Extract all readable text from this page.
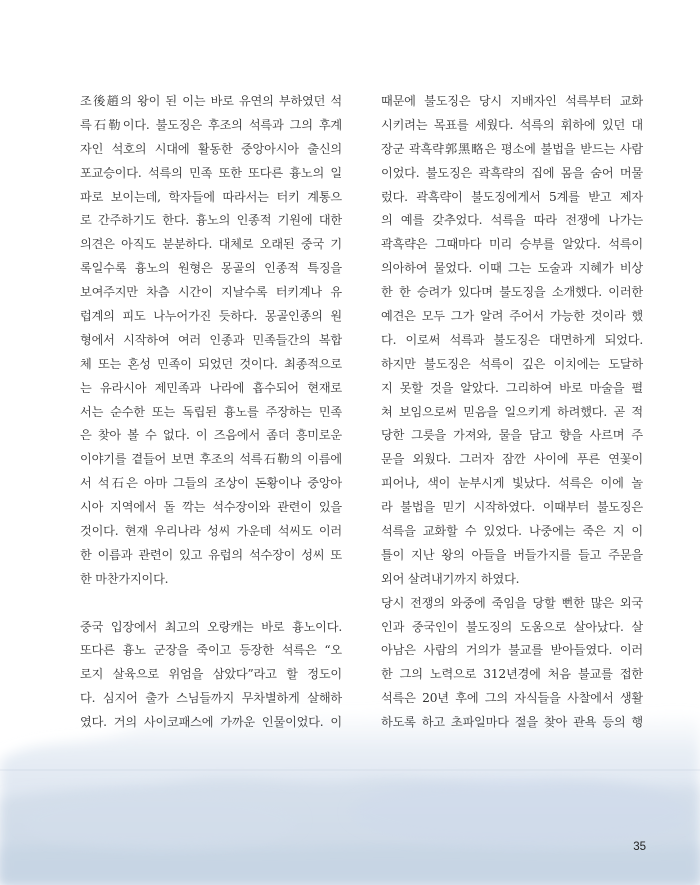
조後趙의 왕이 된 이는 바로 유연의 부하였던 석
륵石勒이다. 불도징은 후조의 석륵과 그의 후계
자인 석호의 시대에 활동한 중앙아시아 출신의
포교승이다. 석륵의 민족 또한 또다른 흉노의 일
파로 보이는데, 학자들에 따라서는 터키 계통으
로 간주하기도 한다. 흉노의 인종적 기원에 대한
의견은 아직도 분분하다. 대체로 오래된 중국 기
록일수록 흉노의 원형은 몽골의 인종적 특징을
보여주지만 차츰 시간이 지날수록 터키계나 유
럽계의 피도 나누어가진 듯하다. 몽골인종의 원
형에서 시작하여 여러 인종과 민족들간의 복합
체 또는 혼성 민족이 되었던 것이다. 최종적으로
는 유라시아 제민족과 나라에 흡수되어 현재로
서는 순수한 또는 독립된 흉노를 주장하는 민족
은 찾아 볼 수 없다. 이 즈음에서 좀더 흥미로운
이야기를 곁들어 보면 후조의 석륵石勒의 이름에
서 석石은 아마 그들의 조상이 돈황이나 중앙아
시아 지역에서 돌 깍는 석수장이와 관련이 있을
것이다. 현재 우리나라 성씨 가운데 석씨도 이러
한 이름과 관련이 있고 유럽의 석수장이 성씨 또
한 마찬가지이다.
중국 입장에서 최고의 오랑캐는 바로 흉노이다.
또다른 흉노 군장을 죽이고 등장한 석륵은 “오
로지 살육으로 위엄을 삼았다”라고 할 정도이
다. 심지어 출가 스님들까지 무차별하게 살해하
였다. 거의 사이코패스에 가까운 인물이었다. 이
때문에 불도징은 당시 지배자인 석륵부터 교화
시키려는 목표를 세웠다. 석륵의 휘하에 있던 대
장군 곽흑략郭黑略은 평소에 불법을 받드는 사람
이었다. 불도징은 곽흑략의 집에 몸을 숨어 머물
렀다. 곽흑략이 불도징에게서 5계를 받고 제자
의 예를 갖추었다. 석륵을 따라 전쟁에 나가는
곽흑략은 그때마다 미리 승부를 알았다. 석륵이
의아하여 물었다. 이때 그는 도술과 지혜가 비상
한 한 승려가 있다며 불도징을 소개했다. 이러한
예견은 모두 그가 알려 주어서 가능한 것이라 했
다. 이로써 석륵과 불도징은 대면하게 되었다.
하지만 불도징은 석륵이 깊은 이치에는 도달하
지 못할 것을 알았다. 그리하여 바로 마술을 펼
쳐 보임으로써 믿음을 일으키게 하려했다. 곧 적
당한 그릇을 가져와, 물을 담고 향을 사르며 주
문을 외웠다. 그러자 잠깐 사이에 푸른 연꽃이
피어나, 색이 눈부시게 빛났다. 석륵은 이에 놀
라 불법을 믿기 시작하였다. 이때부터 불도징은
석륵을 교화할 수 있었다. 나중에는 죽은 지 이
틀이 지난 왕의 아들을 버들가지를 들고 주문을
외어 살려내기까지 하였다.
당시 전쟁의 와중에 죽임을 당할 뻔한 많은 외국
인과 중국인이 불도징의 도움으로 살아났다. 살
아남은 사람의 거의가 불교를 받아들였다. 이러
한 그의 노력으로 312년경에 처음 불교를 접한
석륵은 20년 후에 그의 자식들을 사찰에서 생활
하도록 하고 초파일마다 절을 찾아 관욕 등의 행
35
